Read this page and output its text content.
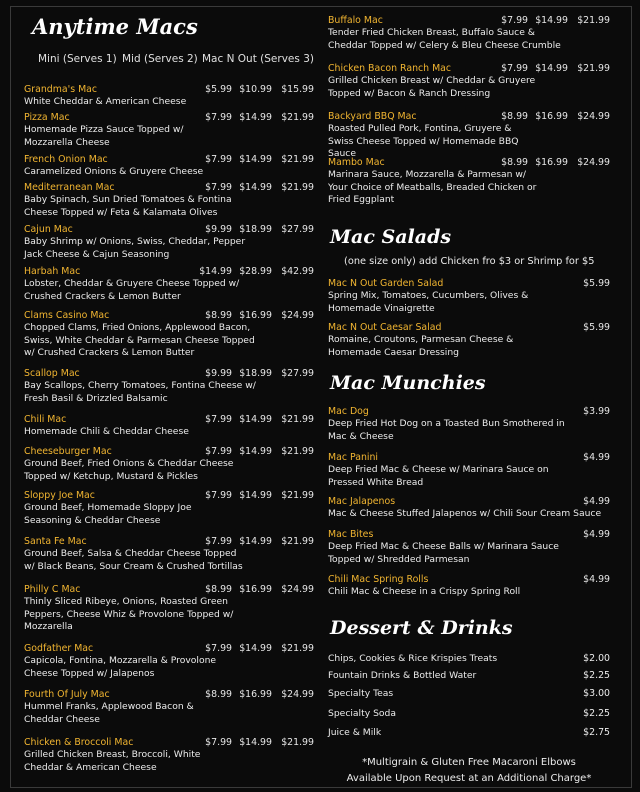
Anytime Macs
Mini (Serves 1) Mid (Serves 2) Mac N Out (Serves 3)
Grandma's Mac
White Cheddar & American Cheese
$5.99 $10.99 $15.99
Pizza Mac
Homemade Pizza Sauce Topped w/ Mozzarella Cheese
$7.99 $14.99 $21.99
French Onion Mac
Caramelized Onions & Gruyere Cheese
$7.99 $14.99 $21.99
Mediterranean Mac
Baby Spinach, Sun Dried Tomatoes & Fontina Cheese Topped w/ Feta & Kalamata Olives
$7.99 $14.99 $21.99
Cajun Mac
Baby Shrimp w/ Onions, Swiss, Cheddar, Pepper Jack Cheese & Cajun Seasoning
$9.99 $18.99 $27.99
Harbah Mac
Lobster, Cheddar & Gruyere Cheese Topped w/ Crushed Crackers & Lemon Butter
$14.99 $28.99 $42.99
Clams Casino Mac
Chopped Clams, Fried Onions, Applewood Bacon, Swiss, White Cheddar & Parmesan Cheese Topped w/ Crushed Crackers & Lemon Butter
$8.99 $16.99 $24.99
Scallop Mac
Bay Scallops, Cherry Tomatoes, Fontina Cheese w/ Fresh Basil & Drizzled Balsamic
$9.99 $18.99 $27.99
Chili Mac
Homemade Chili & Cheddar Cheese
$7.99 $14.99 $21.99
Cheeseburger Mac
Ground Beef, Fried Onions & Cheddar Cheese Topped w/ Ketchup, Mustard & Pickles
$7.99 $14.99 $21.99
Sloppy Joe Mac
Ground Beef, Homemade Sloppy Joe Seasoning & Cheddar Cheese
$7.99 $14.99 $21.99
Santa Fe Mac
Ground Beef, Salsa & Cheddar Cheese Topped w/ Black Beans, Sour Cream & Crushed Tortillas
$7.99 $14.99 $21.99
Philly C Mac
Thinly Sliced Ribeye, Onions, Roasted Green Peppers, Cheese Whiz & Provolone Topped w/ Mozzarella
$8.99 $16.99 $24.99
Godfather Mac
Capicola, Fontina, Mozzarella & Provolone Cheese Topped w/ Jalapenos
$7.99 $14.99 $21.99
Fourth Of July Mac
Hummel Franks, Applewood Bacon & Cheddar Cheese
$8.99 $16.99 $24.99
Chicken & Broccoli Mac
Grilled Chicken Breast, Broccoli, White Cheddar & American Cheese
$7.99 $14.99 $21.99
Buffalo Mac
Tender Fried Chicken Breast, Buffalo Sauce & Cheddar Topped w/ Celery & Bleu Cheese Crumble
$7.99 $14.99 $21.99
Chicken Bacon Ranch Mac
Grilled Chicken Breast w/ Cheddar & Gruyere Topped w/ Bacon & Ranch Dressing
$7.99 $14.99 $21.99
Backyard BBQ Mac
Roasted Pulled Pork, Fontina, Gruyere & Swiss Cheese Topped w/ Homemade BBQ Sauce
$8.99 $16.99 $24.99
Mambo Mac
Marinara Sauce, Mozzarella & Parmesan w/ Your Choice of Meatballs, Breaded Chicken or Fried Eggplant
$8.99 $16.99 $24.99
Mac Salads
(one size only) add Chicken fro $3 or Shrimp for $5
Mac N Out Garden Salad
Spring Mix, Tomatoes, Cucumbers, Olives & Homemade Vinaigrette
$5.99
Mac N Out Caesar Salad
Romaine, Croutons, Parmesan Cheese & Homemade Caesar Dressing
$5.99
Mac Munchies
Mac Dog
Deep Fried Hot Dog on a Toasted Bun Smothered in Mac & Cheese
$3.99
Mac Panini
Deep Fried Mac & Cheese w/ Marinara Sauce on Pressed White Bread
$4.99
Mac Jalapenos
Mac & Cheese Stuffed Jalapenos w/ Chili Sour Cream Sauce
$4.99
Mac Bites
Deep Fried Mac & Cheese Balls w/ Marinara Sauce Topped w/ Shredded Parmesan
$4.99
Chili Mac Spring Rolls
Chili Mac & Cheese in a Crispy Spring Roll
$4.99
Dessert & Drinks
Chips, Cookies & Rice Krispies Treats	$2.00
Fountain Drinks & Bottled Water	$2.25
Specialty Teas	$3.00
Specialty Soda	$2.25
Juice & Milk	$2.75
*Multigrain & Gluten Free Macaroni Elbows
Available Upon Request at an Additional Charge*
